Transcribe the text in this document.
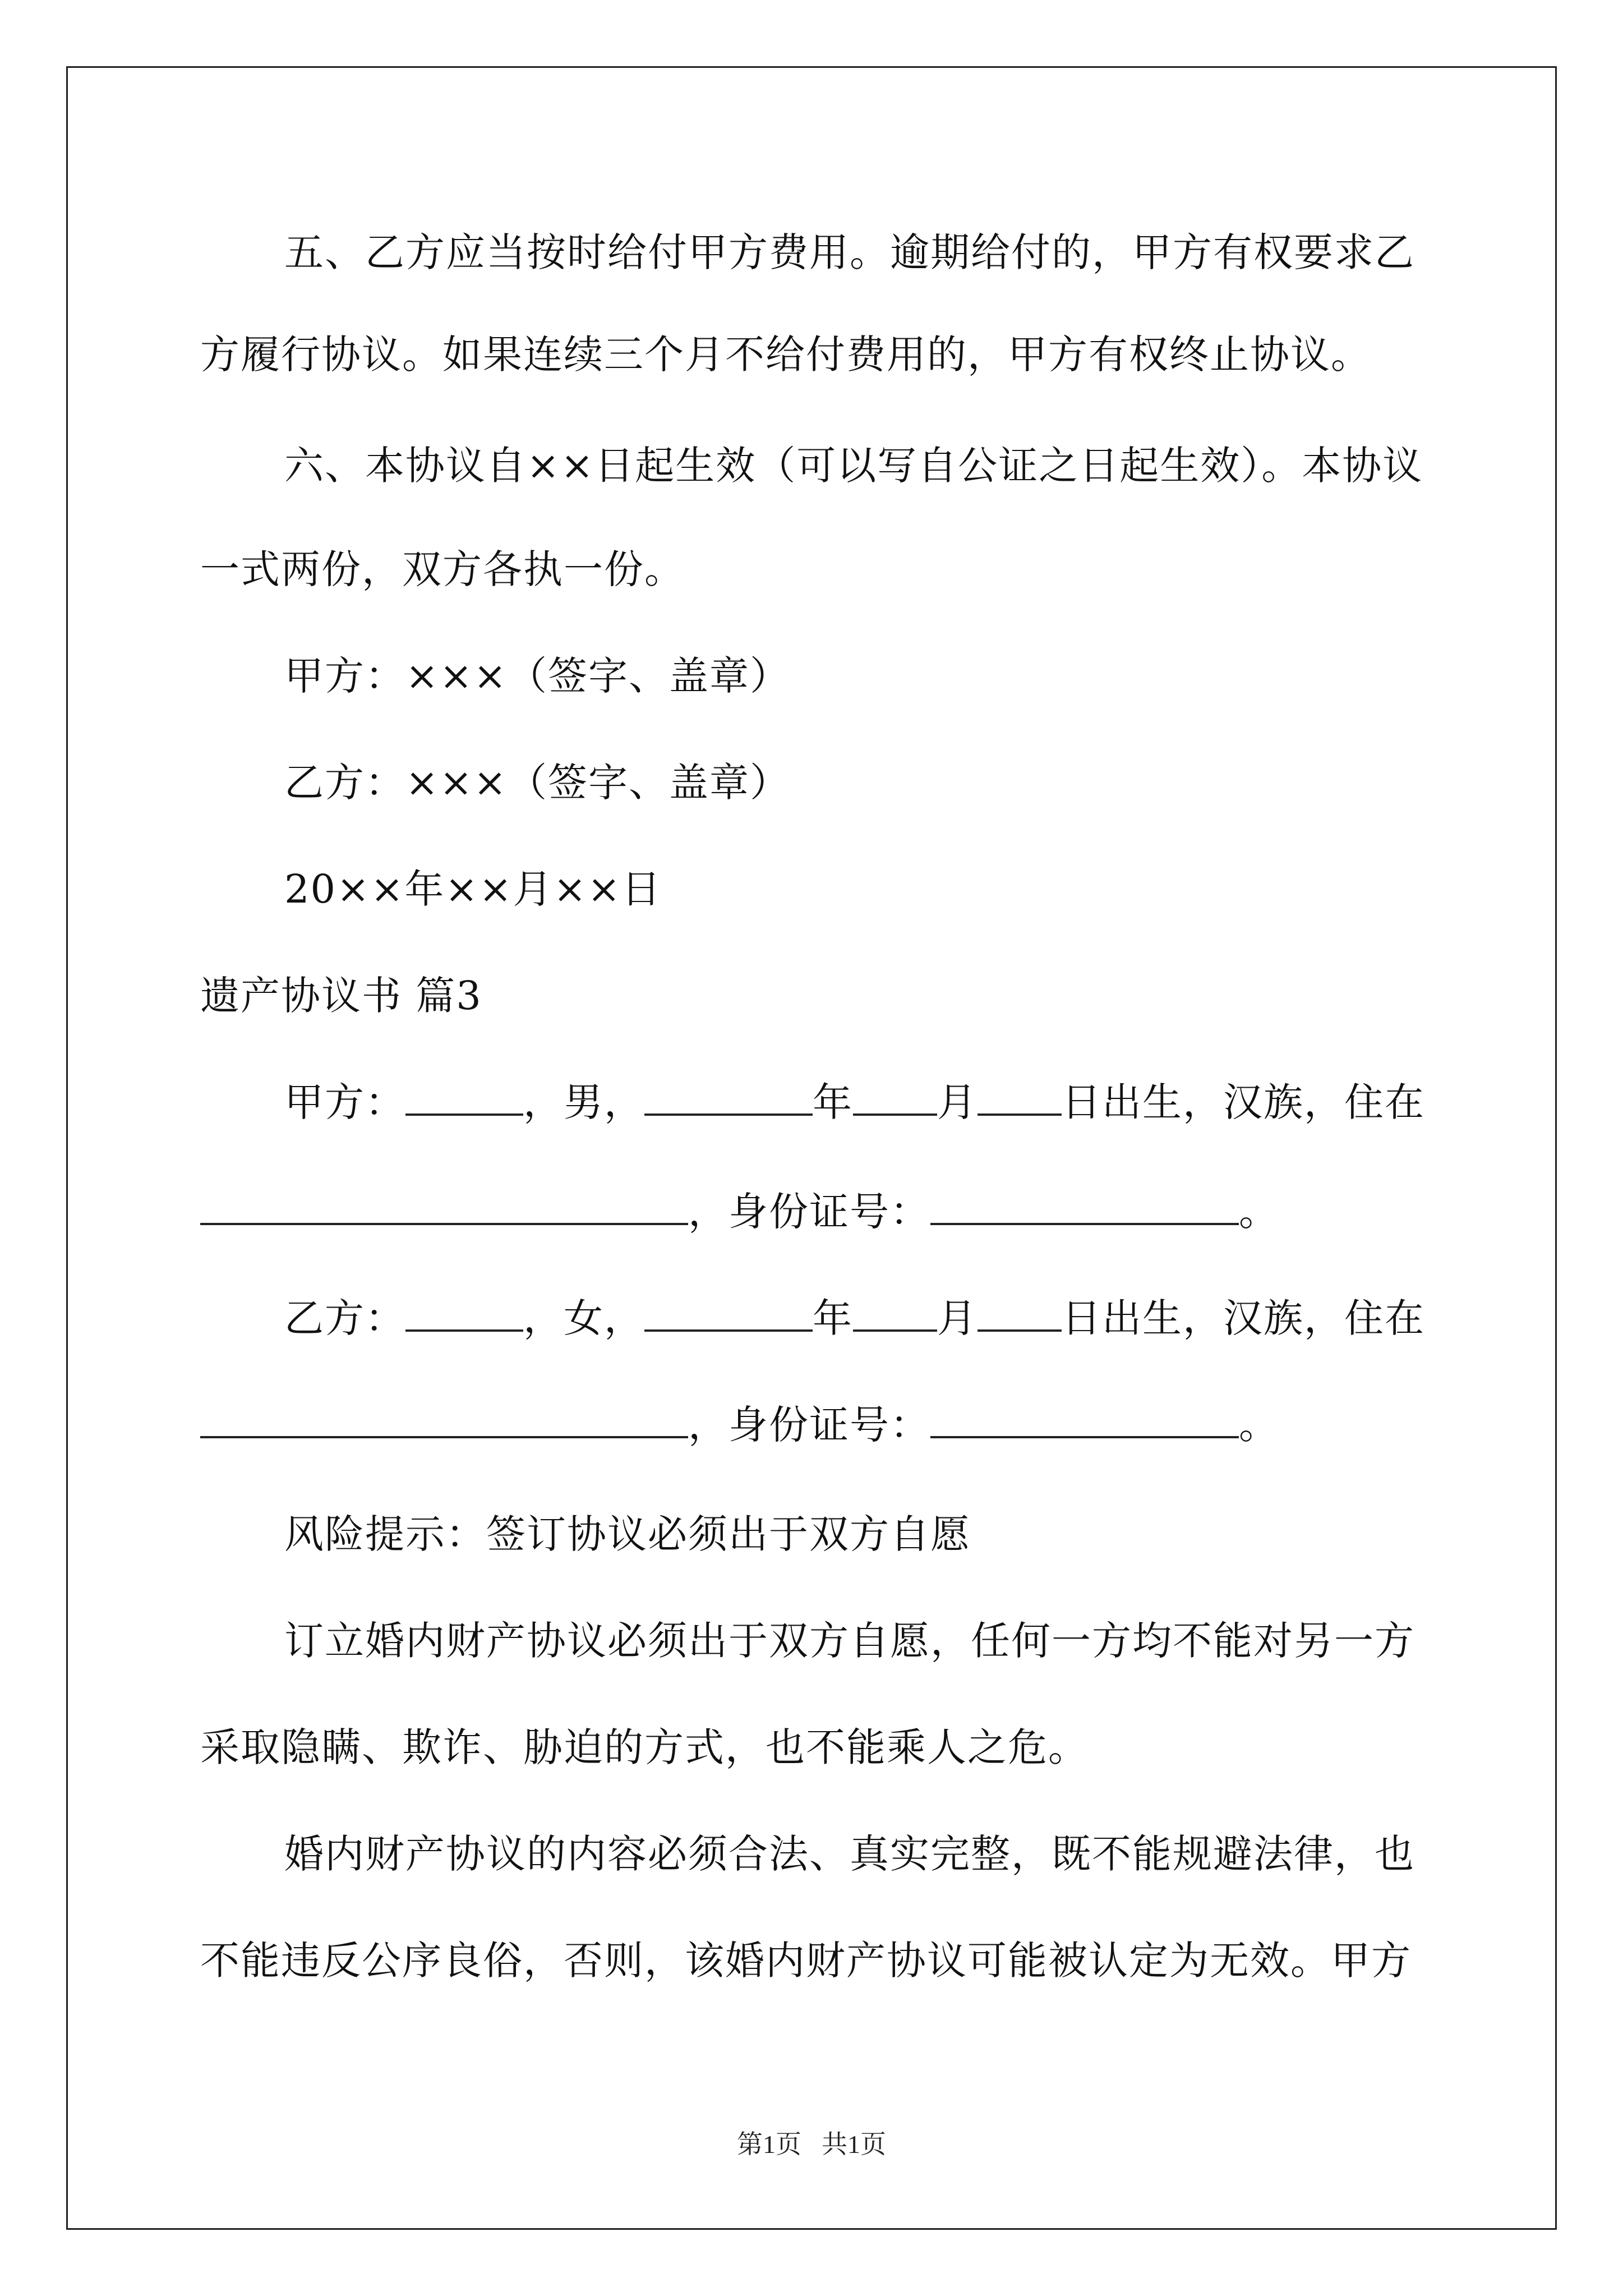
五、乙方应当按时给付甲方费用。逾期给付的，甲方有权要求乙
方履行协议。如果连续三个月不给付费用的，甲方有权终止协议。
六、本协议自××日起生效（可以写自公证之日起生效）。本协议
一式两份，双方各执一份。
甲方：×××（签字、盖章）
乙方：×××（签字、盖章）
20××年××月××日
遗产协议书 篇3
甲方：	，男，	年 月 日出生，汉族，住在
，身份证号：	。
乙方：	，女，	年 月 日出生，汉族，住在
，身份证号：	。
风险提示：签订协议必须出于双方自愿
订立婚内财产协议必须出于双方自愿，任何一方均不能对另一方
采取隐瞒、欺诈、胁迫的方式，也不能乘人之危。
婚内财产协议的内容必须合法、真实完整，既不能规避法律，也
不能违反公序良俗，否则，该婚内财产协议可能被认定为无效。甲方
第1页 共1页
